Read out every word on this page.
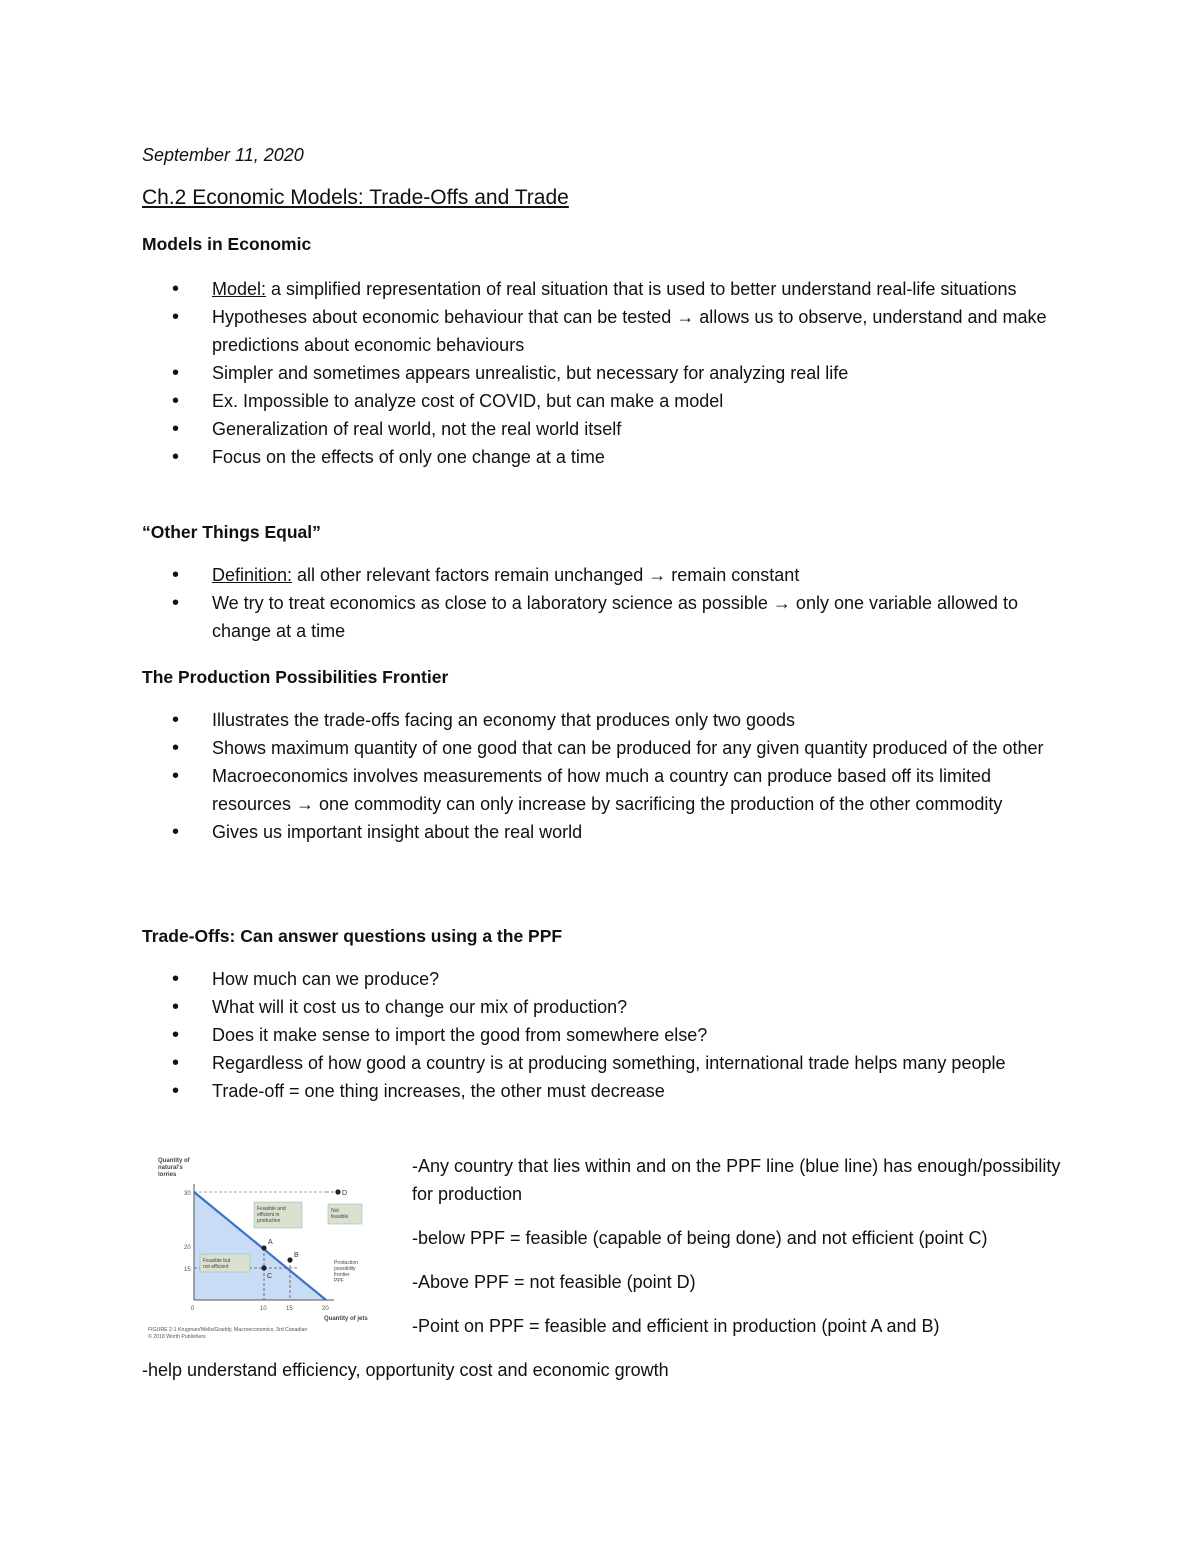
September 11, 2020
Ch.2 Economic Models: Trade-Offs and Trade
Models in Economic
• Model: a simplified representation of real situation that is used to better understand real-life situations
• Hypotheses about economic behaviour that can be tested → allows us to observe, understand and make predictions about economic behaviours
• Simpler and sometimes appears unrealistic, but necessary for analyzing real life
• Ex. Impossible to analyze cost of COVID, but can make a model
• Generalization of real world, not the real world itself
• Focus on the effects of only one change at a time
“Other Things Equal”
• Definition: all other relevant factors remain unchanged → remain constant
• We try to treat economics as close to a laboratory science as possible → only one variable allowed to change at a time
The Production Possibilities Frontier
• Illustrates the trade-offs facing an economy that produces only two goods
• Shows maximum quantity of one good that can be produced for any given quantity produced of the other
• Macroeconomics involves measurements of how much a country can produce based off its limited resources → one commodity can only increase by sacrificing the production of the other commodity
• Gives us important insight about the real world
Trade-Offs: Can answer questions using a the PPF
• How much can we produce?
• What will it cost us to change our mix of production?
• Does it make sense to import the good from somewhere else?
• Regardless of how good a country is at producing something, international trade helps many people
• Trade-off = one thing increases, the other must decrease
A
B
C
D
Quantity of natural's lorries
30
20
15
0	10	15	20
Quantity of jets
Feasible and efficient in production
Feasible but not efficient
Not feasible
Production possibility frontier PPF
FIGURE 2-1 Krugman/Wells/Graddy, Macroeconomics, 3rd Canadian
© 2018 Worth Publishers

-Any country that lies within and on the PPF line (blue line) has enough/possibility for production

-below PPF = feasible (capable of being done) and not efficient (point C)

-Above PPF = not feasible (point D)

-Point on PPF = feasible and efficient in production (point A and B)

-help understand efficiency, opportunity cost and economic growth
